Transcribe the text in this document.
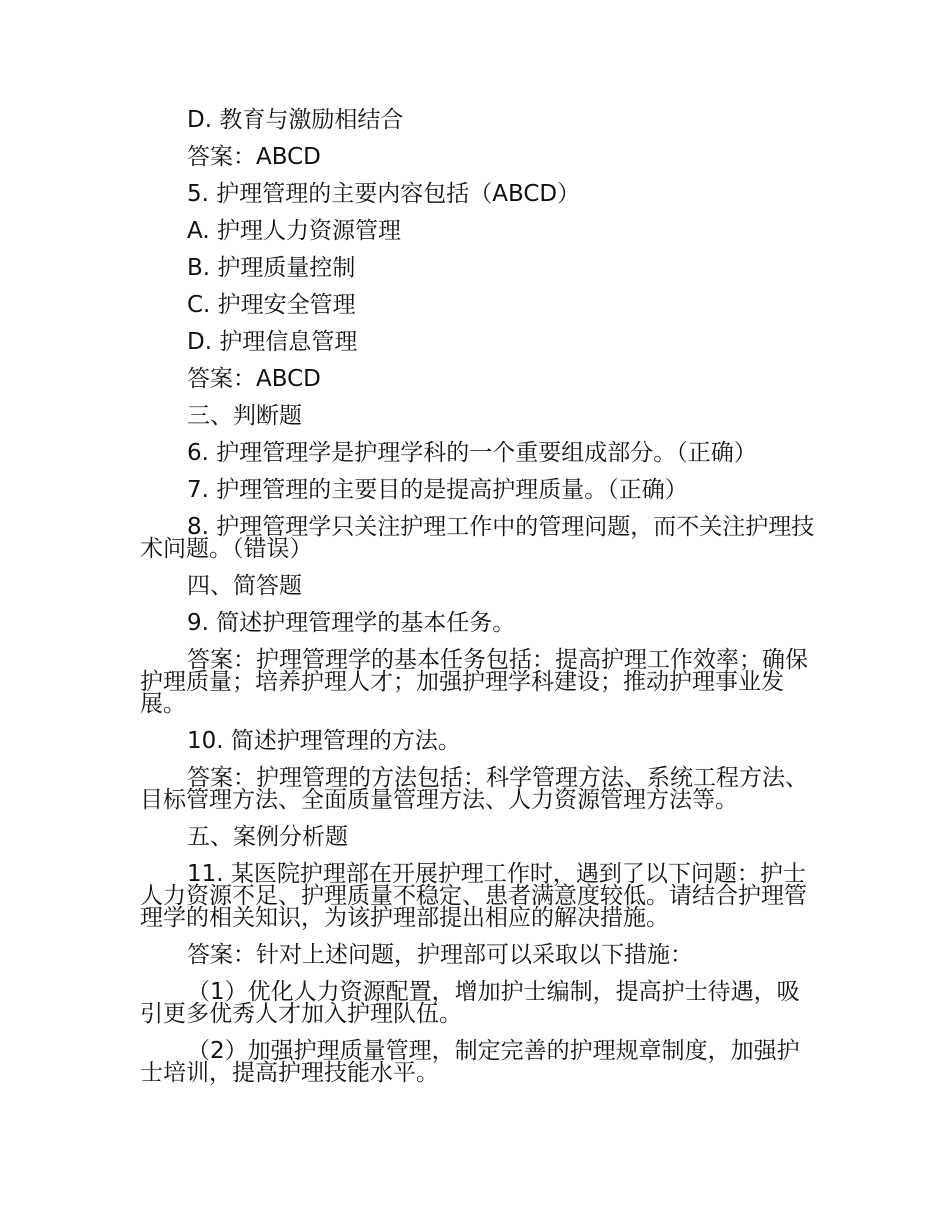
D. 教育与激励相结合

答案：ABCD

5. 护理管理的主要内容包括（ABCD）

A. 护理人力资源管理

B. 护理质量控制

C. 护理安全管理

D. 护理信息管理

答案：ABCD

三、判断题

6. 护理管理学是护理学科的一个重要组成部分。（正确）

7. 护理管理的主要目的是提高护理质量。（正确）

8. 护理管理学只关注护理工作中的管理问题，而不关注护理技术问题。（错误）

四、简答题

9. 简述护理管理学的基本任务。

答案：护理管理学的基本任务包括：提高护理工作效率；确保护理质量；培养护理人才；加强护理学科建设；推动护理事业发展。

10. 简述护理管理的方法。

答案：护理管理的方法包括：科学管理方法、系统工程方法、目标管理方法、全面质量管理方法、人力资源管理方法等。

五、案例分析题

11. 某医院护理部在开展护理工作时，遇到了以下问题：护士人力资源不足、护理质量不稳定、患者满意度较低。请结合护理管理学的相关知识，为该护理部提出相应的解决措施。

答案：针对上述问题，护理部可以采取以下措施：

（1）优化人力资源配置，增加护士编制，提高护士待遇，吸引更多优秀人才加入护理队伍。

（2）加强护理质量管理，制定完善的护理规章制度，加强护士培训，提高护理技能水平。
